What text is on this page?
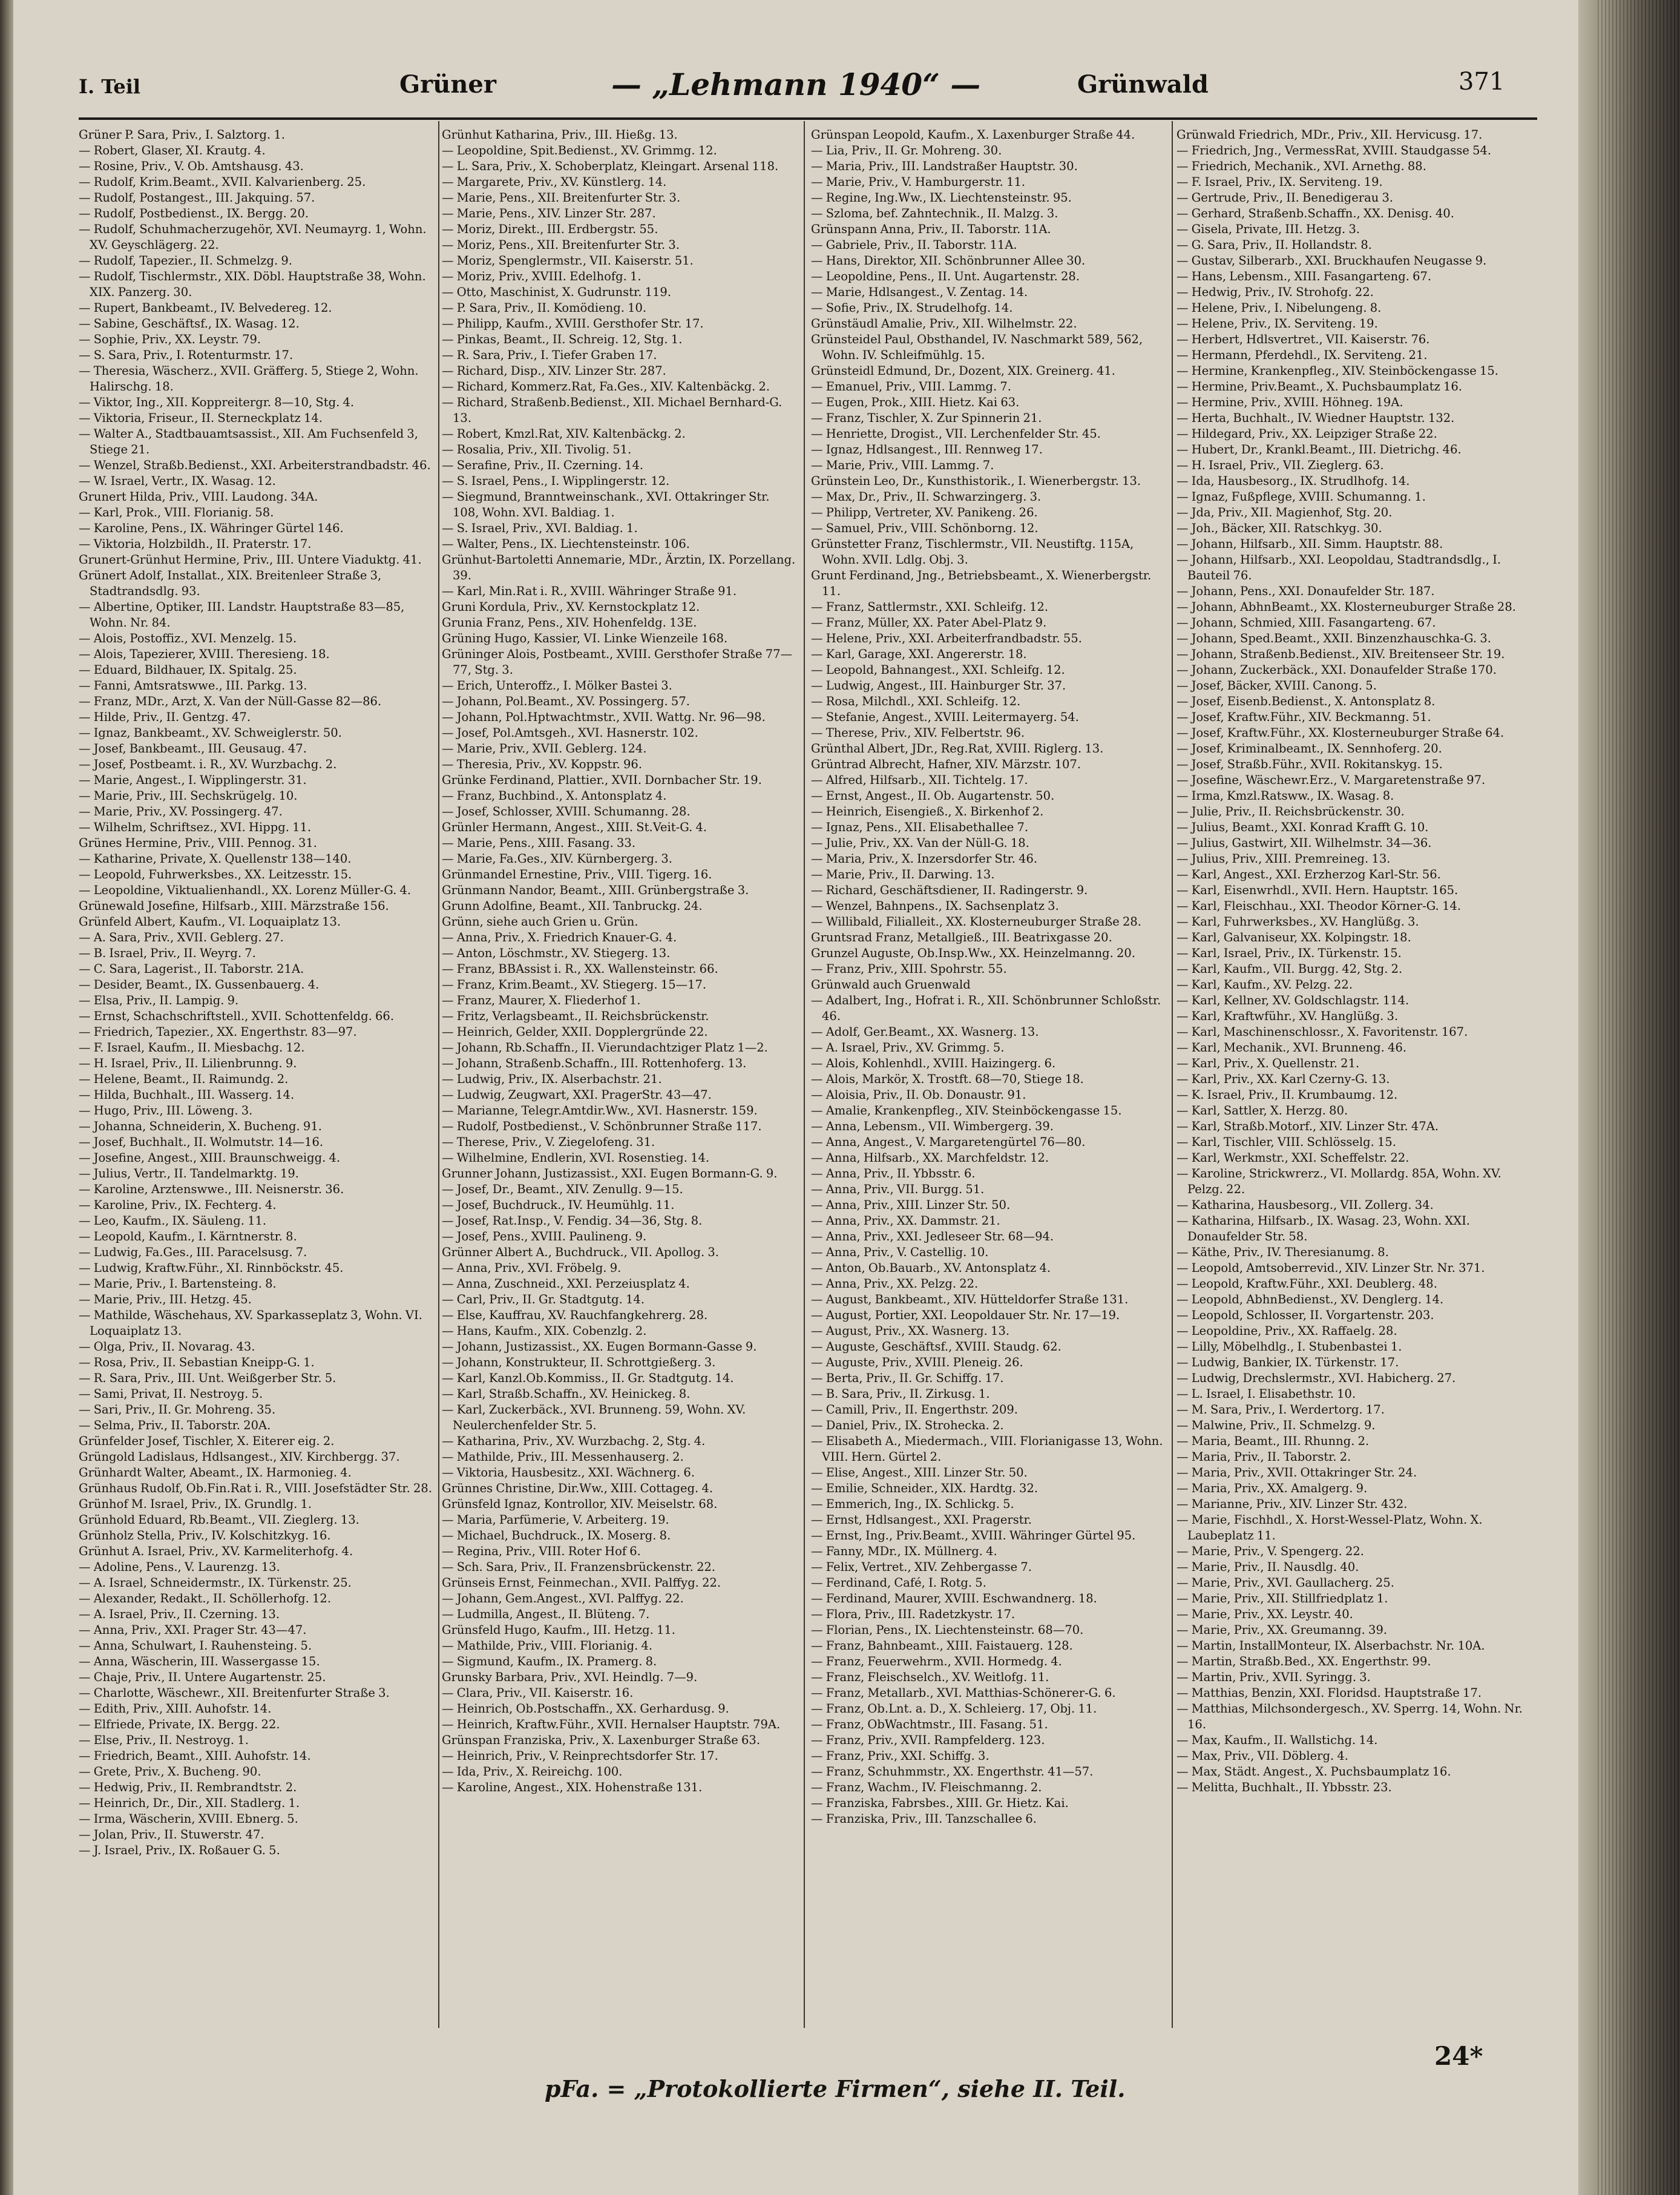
I. Teil	Grüner	— „Lehmann 1940“ —	Grünwald	371

Grüner P. Sara, Priv., I. Salztorg. 1.

— Robert, Glaser, XI. Krautg. 4.

— Rosine, Priv., V. Ob. Amtshausg. 43.

— Rudolf, Krim.Beamt., XVII. Kalvarienberg. 25.

— Rudolf, Postangest., III. Jakquing. 57.

— Rudolf, Postbedienst., IX. Bergg. 20.

— Rudolf, Schuhmacherzugehör, XVI. Neumayrg. 1, Wohn. XV. Geyschlägerg. 22.

— Rudolf, Tapezier., II. Schmelzg. 9.

— Rudolf, Tischlermstr., XIX. Döbl. Hauptstraße 38, Wohn. XIX. Panzerg. 30.

— Rupert, Bankbeamt., IV. Belvedereg. 12.

— Sabine, Geschäftsf., IX. Wasag. 12.

— Sophie, Priv., XX. Leystr. 79.

— S. Sara, Priv., I. Rotenturmstr. 17.

— Theresia, Wäscherz., XVII. Gräfferg. 5, Stiege 2, Wohn. Halirschg. 18.

— Viktor, Ing., XII. Koppreitergr. 8—10, Stg. 4.

— Viktoria, Friseur., II. Sterneckplatz 14.

— Walter A., Stadtbauamtsassist., XII. Am Fuchsenfeld 3, Stiege 21.

— Wenzel, Straßb.Bedienst., XXI. Arbeiterstrandbadstr. 46.

— W. Israel, Vertr., IX. Wasag. 12.

Grunert Hilda, Priv., VIII. Laudong. 34A.

— Karl, Prok., VIII. Florianig. 58.

— Karoline, Pens., IX. Währinger Gürtel 146.

— Viktoria, Holzbildh., II. Praterstr. 17.

Grunert-Grünhut Hermine, Priv., III. Untere Viaduktg. 41.

Grünert Adolf, Installat., XIX. Breitenleer Straße 3, Stadtrandsdlg. 93.

— Albertine, Optiker, III. Landstr. Hauptstraße 83—85, Wohn. Nr. 84.

— Alois, Postoffiz., XVI. Menzelg. 15.

— Alois, Tapezierer, XVIII. Theresieng. 18.

— Eduard, Bildhauer, IX. Spitalg. 25.

— Fanni, Amtsratswwe., III. Parkg. 13.

— Franz, MDr., Arzt, X. Van der Nüll-Gasse 82—86.

— Hilde, Priv., II. Gentzg. 47.

— Ignaz, Bankbeamt., XV. Schweiglerstr. 50.

— Josef, Bankbeamt., III. Geusaug. 47.

— Josef, Postbeamt. i. R., XV. Wurzbachg. 2.

— Marie, Angest., I. Wipplingerstr. 31.

— Marie, Priv., III. Sechskrügelg. 10.

— Marie, Priv., XV. Possingerg. 47.

— Wilhelm, Schriftsez., XVI. Hippg. 11.

Grünes Hermine, Priv., VIII. Pennog. 31.

— Katharine, Private, X. Quellenstr 138—140.

— Leopold, Fuhrwerksbes., XX. Leitzesstr. 15.

— Leopoldine, Viktualienhandl., XX. Lorenz Müller-G. 4.

Grünewald Josefine, Hilfsarb., XIII. Märzstraße 156.

Grünfeld Albert, Kaufm., VI. Loquaiplatz 13.

— A. Sara, Priv., XVII. Geblerg. 27.

— B. Israel, Priv., II. Weyrg. 7.

— C. Sara, Lagerist., II. Taborstr. 21A.

— Desider, Beamt., IX. Gussenbauerg. 4.

— Elsa, Priv., II. Lampig. 9.

— Ernst, Schachschriftstell., XVII. Schottenfeldg. 66.

— Friedrich, Tapezier., XX. Engerthstr. 83—97.

— F. Israel, Kaufm., II. Miesbachg. 12.

— H. Israel, Priv., II. Lilienbrunng. 9.

— Helene, Beamt., II. Raimundg. 2.

— Hilda, Buchhalt., III. Wasserg. 14.

— Hugo, Priv., III. Löweng. 3.

— Johanna, Schneiderin, X. Bucheng. 91.

— Josef, Buchhalt., II. Wolmutstr. 14—16.

— Josefine, Angest., XIII. Braunschweigg. 4.

— Julius, Vertr., II. Tandelmarktg. 19.

— Karoline, Arztenswwe., III. Neisnerstr. 36.

— Karoline, Priv., IX. Fechterg. 4.

— Leo, Kaufm., IX. Säuleng. 11.

— Leopold, Kaufm., I. Kärntnerstr. 8.

— Ludwig, Fa.Ges., III. Paracelsusg. 7.

— Ludwig, Kraftw.Führ., XI. Rinnböckstr. 45.

— Marie, Priv., I. Bartensteing. 8.

— Marie, Priv., III. Hetzg. 45.

— Mathilde, Wäschehaus, XV. Sparkasseplatz 3, Wohn. VI. Loquaiplatz 13.

— Olga, Priv., II. Novarag. 43.

— Rosa, Priv., II. Sebastian Kneipp-G. 1.

— R. Sara, Priv., III. Unt. Weißgerber Str. 5.

— Sami, Privat, II. Nestroyg. 5.

— Sari, Priv., II. Gr. Mohreng. 35.

— Selma, Priv., II. Taborstr. 20A.

Grünfelder Josef, Tischler, X. Eiterer eig. 2.

Grüngold Ladislaus, Hdlsangest., XIV. Kirchbergg. 37.

Grünhardt Walter, Abeamt., IX. Harmonieg. 4.

Grünhaus Rudolf, Ob.Fin.Rat i. R., VIII. Josefstädter Str. 28.

Grünhof M. Israel, Priv., IX. Grundlg. 1.

Grünhold Eduard, Rb.Beamt., VII. Zieglerg. 13.

Grünholz Stella, Priv., IV. Kolschitzkyg. 16.

Grünhut A. Israel, Priv., XV. Karmeliterhofg. 4.

— Adoline, Pens., V. Laurenzg. 13.

— A. Israel, Schneidermstr., IX. Türkenstr. 25.

— Alexander, Redakt., II. Schöllerhofg. 12.

— A. Israel, Priv., II. Czerning. 13.

— Anna, Priv., XXI. Prager Str. 43—47.

— Anna, Schulwart, I. Rauhensteing. 5.

— Anna, Wäscherin, III. Wassergasse 15.

— Chaje, Priv., II. Untere Augartenstr. 25.

— Charlotte, Wäschewr., XII. Breitenfurter Straße 3.

— Edith, Priv., XIII. Auhofstr. 14.

— Elfriede, Private, IX. Bergg. 22.

— Else, Priv., II. Nestroyg. 1.

— Friedrich, Beamt., XIII. Auhofstr. 14.

— Grete, Priv., X. Bucheng. 90.

— Hedwig, Priv., II. Rembrandtstr. 2.

— Heinrich, Dr., Dir., XII. Stadlerg. 1.

— Irma, Wäscherin, XVIII. Ebnerg. 5.

— Jolan, Priv., II. Stuwerstr. 47.

— J. Israel, Priv., IX. Roßauer G. 5.

Grünhut Katharina, Priv., III. Hießg. 13.

— Leopoldine, Spit.Bedienst., XV. Grimmg. 12.

— L. Sara, Priv., X. Schoberplatz, Kleingart. Arsenal 118.

— Margarete, Priv., XV. Künstlerg. 14.

— Marie, Pens., XII. Breitenfurter Str. 3.

— Marie, Pens., XIV. Linzer Str. 287.

— Moriz, Direkt., III. Erdbergstr. 55.

— Moriz, Pens., XII. Breitenfurter Str. 3.

— Moriz, Spenglermstr., VII. Kaiserstr. 51.

— Moriz, Priv., XVIII. Edelhofg. 1.

— Otto, Maschinist, X. Gudrunstr. 119.

— P. Sara, Priv., II. Komödieng. 10.

— Philipp, Kaufm., XVIII. Gersthofer Str. 17.

— Pinkas, Beamt., II. Schreig. 12, Stg. 1.

— R. Sara, Priv., I. Tiefer Graben 17.

— Richard, Disp., XIV. Linzer Str. 287.

— Richard, Kommerz.Rat, Fa.Ges., XIV. Kaltenbäckg. 2.

— Richard, Straßenb.Bedienst., XII. Michael Bernhard-G. 13.

— Robert, Kmzl.Rat, XIV. Kaltenbäckg. 2.

— Rosalia, Priv., XII. Tivolig. 51.

— Serafine, Priv., II. Czerning. 14.

— S. Israel, Pens., I. Wipplingerstr. 12.

— Siegmund, Branntweinschank., XVI. Ottakringer Str. 108, Wohn. XVI. Baldiag. 1.

— S. Israel, Priv., XVI. Baldiag. 1.

— Walter, Pens., IX. Liechtensteinstr. 106.

Grünhut-Bartoletti Annemarie, MDr., Ärztin, IX. Porzellang. 39.

— Karl, Min.Rat i. R., XVIII. Währinger Straße 91.

Gruni Kordula, Priv., XV. Kernstockplatz 12.

Grunia Franz, Pens., XIV. Hohenfeldg. 13E.

Grüning Hugo, Kassier, VI. Linke Wienzeile 168.

Grüninger Alois, Postbeamt., XVIII. Gersthofer Straße 77—77, Stg. 3.

— Erich, Unteroffz., I. Mölker Bastei 3.

— Johann, Pol.Beamt., XV. Possingerg. 57.

— Johann, Pol.Hptwachtmstr., XVII. Wattg. Nr. 96—98.

— Josef, Pol.Amtsgeh., XVI. Hasnerstr. 102.

— Marie, Priv., XVII. Geblerg. 124.

— Theresia, Priv., XV. Koppstr. 96.

Grünke Ferdinand, Plattier., XVII. Dornbacher Str. 19.

— Franz, Buchbind., X. Antonsplatz 4.

— Josef, Schlosser, XVIII. Schumanng. 28.

Grünler Hermann, Angest., XIII. St.Veit-G. 4.

— Marie, Pens., XIII. Fasang. 33.

— Marie, Fa.Ges., XIV. Kürnbergerg. 3.

Grünmandel Ernestine, Priv., VIII. Tigerg. 16.

Grünmann Nandor, Beamt., XIII. Grünbergstraße 3.

Grunn Adolfine, Beamt., XII. Tanbruckg. 24.

Grünn, siehe auch Grien u. Grün.

— Anna, Priv., X. Friedrich Knauer-G. 4.

— Anton, Löschmstr., XV. Stiegerg. 13.

— Franz, BBAssist i. R., XX. Wallensteinstr. 66.

— Franz, Krim.Beamt., XV. Stiegerg. 15—17.

— Franz, Maurer, X. Fliederhof 1.

— Fritz, Verlagsbeamt., II. Reichsbrückenstr.

— Heinrich, Gelder, XXII. Dopplergründe 22.

— Johann, Rb.Schaffn., II. Vierundachtziger Platz 1—2.

— Johann, Straßenb.Schaffn., III. Rottenhoferg. 13.

— Ludwig, Priv., IX. Alserbachstr. 21.

— Ludwig, Zeugwart, XXI. PragerStr. 43—47.

— Marianne, Telegr.Amtdir.Ww., XVI. Hasnerstr. 159.

— Rudolf, Postbedienst., V. Schönbrunner Straße 117.

— Therese, Priv., V. Ziegelofeng. 31.

— Wilhelmine, Endlerin, XVI. Rosenstieg. 14.

Grunner Johann, Justizassist., XXI. Eugen Bormann-G. 9.

— Josef, Dr., Beamt., XIV. Zenullg. 9—15.

— Josef, Buchdruck., IV. Heumühlg. 11.

— Josef, Rat.Insp., V. Fendig. 34—36, Stg. 8.

— Josef, Pens., XVIII. Paulineng. 9.

Grünner Albert A., Buchdruck., VII. Apollog. 3.

— Anna, Priv., XVI. Fröbelg. 9.

— Anna, Zuschneid., XXI. Perzeiusplatz 4.

— Carl, Priv., II. Gr. Stadtgutg. 14.

— Else, Kauffrau, XV. Rauchfangkehrerg. 28.

— Hans, Kaufm., XIX. Cobenzlg. 2.

— Johann, Justizassist., XX. Eugen Bormann-Gasse 9.

— Johann, Konstrukteur, II. Schrottgießerg. 3.

— Karl, Kanzl.Ob.Kommiss., II. Gr. Stadtgutg. 14.

— Karl, Straßb.Schaffn., XV. Heinickeg. 8.

— Karl, Zuckerbäck., XVI. Brunneng. 59, Wohn. XV. Neulerchenfelder Str. 5.

— Katharina, Priv., XV. Wurzbachg. 2, Stg. 4.

— Mathilde, Priv., III. Messenhauserg. 2.

— Viktoria, Hausbesitz., XXI. Wächnerg. 6.

Grünnes Christine, Dir.Ww., XIII. Cottageg. 4.

Grünsfeld Ignaz, Kontrollor, XIV. Meiselstr. 68.

— Maria, Parfümerie, V. Arbeiterg. 19.

— Michael, Buchdruck., IX. Moserg. 8.

— Regina, Priv., VIII. Roter Hof 6.

— Sch. Sara, Priv., II. Franzensbrückenstr. 22.

Grünseis Ernst, Feinmechan., XVII. Palffyg. 22.

— Johann, Gem.Angest., XVI. Palffyg. 22.

— Ludmilla, Angest., II. Blüteng. 7.

Grünsfeld Hugo, Kaufm., III. Hetzg. 11.

— Mathilde, Priv., VIII. Florianig. 4.

— Sigmund, Kaufm., IX. Pramerg. 8.

Grunsky Barbara, Priv., XVI. Heindlg. 7—9.

— Clara, Priv., VII. Kaiserstr. 16.

— Heinrich, Ob.Postschaffn., XX. Gerhardusg. 9.

— Heinrich, Kraftw.Führ., XVII. Hernalser Hauptstr. 79A.

Grünspan Franziska, Priv., X. Laxenburger Straße 63.

— Heinrich, Priv., V. Reinprechtsdorfer Str. 17.

— Ida, Priv., X. Reireichg. 100.

— Karoline, Angest., XIX. Hohenstraße 131.

Grünspan Leopold, Kaufm., X. Laxenburger Straße 44.

— Lia, Priv., II. Gr. Mohreng. 30.

— Maria, Priv., III. Landstraßer Hauptstr. 30.

— Marie, Priv., V. Hamburgerstr. 11.

— Regine, Ing.Ww., IX. Liechtensteinstr. 95.

— Szloma, bef. Zahntechnik., II. Malzg. 3.

Grünspann Anna, Priv., II. Taborstr. 11A.

— Gabriele, Priv., II. Taborstr. 11A.

— Hans, Direktor, XII. Schönbrunner Allee 30.

— Leopoldine, Pens., II. Unt. Augartenstr. 28.

— Marie, Hdlsangest., V. Zentag. 14.

— Sofie, Priv., IX. Strudelhofg. 14.

Grünstäudl Amalie, Priv., XII. Wilhelmstr. 22.

Grünsteidel Paul, Obsthandel, IV. Naschmarkt 589, 562, Wohn. IV. Schleifmühlg. 15.

Grünsteidl Edmund, Dr., Dozent, XIX. Greinerg. 41.

— Emanuel, Priv., VIII. Lammg. 7.

— Eugen, Prok., XIII. Hietz. Kai 63.

— Franz, Tischler, X. Zur Spinnerin 21.

— Henriette, Drogist., VII. Lerchenfelder Str. 45.

— Ignaz, Hdlsangest., III. Rennweg 17.

— Marie, Priv., VIII. Lammg. 7.

Grünstein Leo, Dr., Kunsthistorik., I. Wienerbergstr. 13.

— Max, Dr., Priv., II. Schwarzingerg. 3.

— Philipp, Vertreter, XV. Panikeng. 26.

— Samuel, Priv., VIII. Schönborng. 12.

Grünstetter Franz, Tischlermstr., VII. Neustiftg. 115A, Wohn. XVII. Ldlg. Obj. 3.

Grunt Ferdinand, Jng., Betriebsbeamt., X. Wienerbergstr. 11.

— Franz, Sattlermstr., XXI. Schleifg. 12.

— Franz, Müller, XX. Pater Abel-Platz 9.

— Helene, Priv., XXI. Arbeiterfrandbadstr. 55.

— Karl, Garage, XXI. Angererstr. 18.

— Leopold, Bahnangest., XXI. Schleifg. 12.

— Ludwig, Angest., III. Hainburger Str. 37.

— Rosa, Milchdl., XXI. Schleifg. 12.

— Stefanie, Angest., XVIII. Leitermayerg. 54.

— Therese, Priv., XIV. Felbertstr. 96.

Grünthal Albert, JDr., Reg.Rat, XVIII. Riglerg. 13.

Grüntrad Albrecht, Hafner, XIV. Märzstr. 107.

— Alfred, Hilfsarb., XII. Tichtelg. 17.

— Ernst, Angest., II. Ob. Augartenstr. 50.

— Heinrich, Eisengieß., X. Birkenhof 2.

— Ignaz, Pens., XII. Elisabethallee 7.

— Julie, Priv., XX. Van der Nüll-G. 18.

— Maria, Priv., X. Inzersdorfer Str. 46.

— Marie, Priv., II. Darwing. 13.

— Richard, Geschäftsdiener, II. Radingerstr. 9.

— Wenzel, Bahnpens., IX. Sachsenplatz 3.

— Willibald, Filialleit., XX. Klosterneuburger Straße 28.

Gruntsrad Franz, Metallgieß., III. Beatrixgasse 20.

Grunzel Auguste, Ob.Insp.Ww., XX. Heinzelmanng. 20.

— Franz, Priv., XIII. Spohrstr. 55.

Grünwald auch Gruenwald

— Adalbert, Ing., Hofrat i. R., XII. Schönbrunner Schloßstr. 46.

— Adolf, Ger.Beamt., XX. Wasnerg. 13.

— A. Israel, Priv., XV. Grimmg. 5.

— Alois, Kohlenhdl., XVIII. Haizingerg. 6.

— Alois, Markör, X. Trostft. 68—70, Stiege 18.

— Aloisia, Priv., II. Ob. Donaustr. 91.

— Amalie, Krankenpfleg., XIV. Steinböckengasse 15.

— Anna, Lebensm., VII. Wimbergerg. 39.

— Anna, Angest., V. Margaretengürtel 76—80.

— Anna, Hilfsarb., XX. Marchfeldstr. 12.

— Anna, Priv., II. Ybbsstr. 6.

— Anna, Priv., VII. Burgg. 51.

— Anna, Priv., XIII. Linzer Str. 50.

— Anna, Priv., XX. Dammstr. 21.

— Anna, Priv., XXI. Jedleseer Str. 68—94.

— Anna, Priv., V. Castellig. 10.

— Anton, Ob.Bauarb., XV. Antonsplatz 4.

— Anna, Priv., XX. Pelzg. 22.

— August, Bankbeamt., XIV. Hütteldorfer Straße 131.

— August, Portier, XXI. Leopoldauer Str. Nr. 17—19.

— August, Priv., XX. Wasnerg. 13.

— Auguste, Geschäftsf., XVIII. Staudg. 62.

— Auguste, Priv., XVIII. Pleneig. 26.

— Berta, Priv., II. Gr. Schiffg. 17.

— B. Sara, Priv., II. Zirkusg. 1.

— Camill, Priv., II. Engerthstr. 209.

— Daniel, Priv., IX. Strohecka. 2.

— Elisabeth A., Miedermach., VIII. Florianigasse 13, Wohn. VIII. Hern. Gürtel 2.

— Elise, Angest., XIII. Linzer Str. 50.

— Emilie, Schneider., XIX. Hardtg. 32.

— Emmerich, Ing., IX. Schlickg. 5.

— Ernst, Hdlsangest., XXI. Pragerstr.

— Ernst, Ing., Priv.Beamt., XVIII. Währinger Gürtel 95.

— Fanny, MDr., IX. Müllnerg. 4.

— Felix, Vertret., XIV. Zehbergasse 7.

— Ferdinand, Café, I. Rotg. 5.

— Ferdinand, Maurer, XVIII. Eschwandnerg. 18.

— Flora, Priv., III. Radetzkystr. 17.

— Florian, Pens., IX. Liechtensteinstr. 68—70.

— Franz, Bahnbeamt., XIII. Faistauerg. 128.

— Franz, Feuerwehrm., XVII. Hormedg. 4.

— Franz, Fleischselch., XV. Weitlofg. 11.

— Franz, Metallarb., XVI. Matthias-Schönerer-G. 6.

— Franz, Ob.Lnt. a. D., X. Schleierg. 17, Obj. 11.

— Franz, ObWachtmstr., III. Fasang. 51.

— Franz, Priv., XVII. Rampfelderg. 123.

— Franz, Priv., XXI. Schiffg. 3.

— Franz, Schuhmmstr., XX. Engerthstr. 41—57.

— Franz, Wachm., IV. Fleischmanng. 2.

— Franziska, Fabrsbes., XIII. Gr. Hietz. Kai.

— Franziska, Priv., III. Tanzschallee 6.

Grünwald Friedrich, MDr., Priv., XII. Hervicusg. 17.

— Friedrich, Jng., VermessRat, XVIII. Staudgasse 54.

— Friedrich, Mechanik., XVI. Arnethg. 88.

— F. Israel, Priv., IX. Serviteng. 19.

— Gertrude, Priv., II. Benedigerau 3.

— Gerhard, Straßenb.Schaffn., XX. Denisg. 40.

— Gisela, Private, III. Hetzg. 3.

— G. Sara, Priv., II. Hollandstr. 8.

— Gustav, Silberarb., XXI. Bruckhaufen Neugasse 9.

— Hans, Lebensm., XIII. Fasangarteng. 67.

— Hedwig, Priv., IV. Strohofg. 22.

— Helene, Priv., I. Nibelungeng. 8.

— Helene, Priv., IX. Serviteng. 19.

— Herbert, Hdlsvertret., VII. Kaiserstr. 76.

— Hermann, Pferdehdl., IX. Serviteng. 21.

— Hermine, Krankenpfleg., XIV. Steinböckengasse 15.

— Hermine, Priv.Beamt., X. Puchsbaumplatz 16.

— Hermine, Priv., XVIII. Höhneg. 19A.

— Herta, Buchhalt., IV. Wiedner Hauptstr. 132.

— Hildegard, Priv., XX. Leipziger Straße 22.

— Hubert, Dr., Krankl.Beamt., III. Dietrichg. 46.

— H. Israel, Priv., VII. Zieglerg. 63.

— Ida, Hausbesorg., IX. Strudlhofg. 14.

— Ignaz, Fußpflege, XVIII. Schumanng. 1.

— Jda, Priv., XII. Magienhof, Stg. 20.

— Joh., Bäcker, XII. Ratschkyg. 30.

— Johann, Hilfsarb., XII. Simm. Hauptstr. 88.

— Johann, Hilfsarb., XXI. Leopoldau, Stadtrandsdlg., I. Bauteil 76.

— Johann, Pens., XXI. Donaufelder Str. 187.

— Johann, AbhnBeamt., XX. Klosterneuburger Straße 28.

— Johann, Schmied, XIII. Fasangarteng. 67.

— Johann, Sped.Beamt., XXII. Binzenzhauschka-G. 3.

— Johann, Straßenb.Bedienst., XIV. Breitenseer Str. 19.

— Johann, Zuckerbäck., XXI. Donaufelder Straße 170.

— Josef, Bäcker, XVIII. Canong. 5.

— Josef, Eisenb.Bedienst., X. Antonsplatz 8.

— Josef, Kraftw.Führ., XIV. Beckmanng. 51.

— Josef, Kraftw.Führ., XX. Klosterneuburger Straße 64.

— Josef, Kriminalbeamt., IX. Sennhoferg. 20.

— Josef, Straßb.Führ., XVII. Rokitanskyg. 15.

— Josefine, Wäschewr.Erz., V. Margaretenstraße 97.

— Irma, Kmzl.Ratsww., IX. Wasag. 8.

— Julie, Priv., II. Reichsbrückenstr. 30.

— Julius, Beamt., XXI. Konrad Krafft G. 10.

— Julius, Gastwirt, XII. Wilhelmstr. 34—36.

— Julius, Priv., XIII. Premreineg. 13.

— Karl, Angest., XXI. Erzherzog Karl-Str. 56.

— Karl, Eisenwrhdl., XVII. Hern. Hauptstr. 165.

— Karl, Fleischhau., XXI. Theodor Körner-G. 14.

— Karl, Fuhrwerksbes., XV. Hanglüßg. 3.

— Karl, Galvaniseur, XX. Kolpingstr. 18.

— Karl, Israel, Priv., IX. Türkenstr. 15.

— Karl, Kaufm., VII. Burgg. 42, Stg. 2.

— Karl, Kaufm., XV. Pelzg. 22.

— Karl, Kellner, XV. Goldschlagstr. 114.

— Karl, Kraftwführ., XV. Hanglüßg. 3.

— Karl, Maschinenschlossr., X. Favoritenstr. 167.

— Karl, Mechanik., XVI. Brunneng. 46.

— Karl, Priv., X. Quellenstr. 21.

— Karl, Priv., XX. Karl Czerny-G. 13.

— K. Israel, Priv., II. Krumbaumg. 12.

— Karl, Sattler, X. Herzg. 80.

— Karl, Straßb.Motorf., XIV. Linzer Str. 47A.

— Karl, Tischler, VIII. Schlösselg. 15.

— Karl, Werkmstr., XXI. Scheffelstr. 22.

— Karoline, Strickwrerz., VI. Mollardg. 85A, Wohn. XV. Pelzg. 22.

— Katharina, Hausbesorg., VII. Zollerg. 34.

— Katharina, Hilfsarb., IX. Wasag. 23, Wohn. XXI. Donaufelder Str. 58.

— Käthe, Priv., IV. Theresianumg. 8.

— Leopold, Amtsoberrevid., XIV. Linzer Str. Nr. 371.

— Leopold, Kraftw.Führ., XXI. Deublerg. 48.

— Leopold, AbhnBedienst., XV. Denglerg. 14.

— Leopold, Schlosser, II. Vorgartenstr. 203.

— Leopoldine, Priv., XX. Raffaelg. 28.

— Lilly, Möbelhdlg., I. Stubenbastei 1.

— Ludwig, Bankier, IX. Türkenstr. 17.

— Ludwig, Drechslermstr., XVI. Habicherg. 27.

— L. Israel, I. Elisabethstr. 10.

— M. Sara, Priv., I. Werdertorg. 17.

— Malwine, Priv., II. Schmelzg. 9.

— Maria, Beamt., III. Rhunng. 2.

— Maria, Priv., II. Taborstr. 2.

— Maria, Priv., XVII. Ottakringer Str. 24.

— Maria, Priv., XX. Amalgerg. 9.

— Marianne, Priv., XIV. Linzer Str. 432.

— Marie, Fischhdl., X. Horst-Wessel-Platz, Wohn. X. Laubeplatz 11.

— Marie, Priv., V. Spengerg. 22.

— Marie, Priv., II. Nausdlg. 40.

— Marie, Priv., XVI. Gaullacherg. 25.

— Marie, Priv., XII. Stillfriedplatz 1.

— Marie, Priv., XX. Leystr. 40.

— Marie, Priv., XX. Greumanng. 39.

— Martin, InstallMonteur, IX. Alserbachstr. Nr. 10A.

— Martin, Straßb.Bed., XX. Engerthstr. 99.

— Martin, Priv., XVII. Syringg. 3.

— Matthias, Benzin, XXI. Floridsd. Hauptstraße 17.

— Matthias, Milchsondergesch., XV. Sperrg. 14, Wohn. Nr. 16.

— Max, Kaufm., II. Wallstichg. 14.

— Max, Priv., VII. Döblerg. 4.

— Max, Städt. Angest., X. Puchsbaumplatz 16.

— Melitta, Buchhalt., II. Ybbsstr. 23.

24*
pFa. = „Protokollierte Firmen“, siehe II. Teil.
